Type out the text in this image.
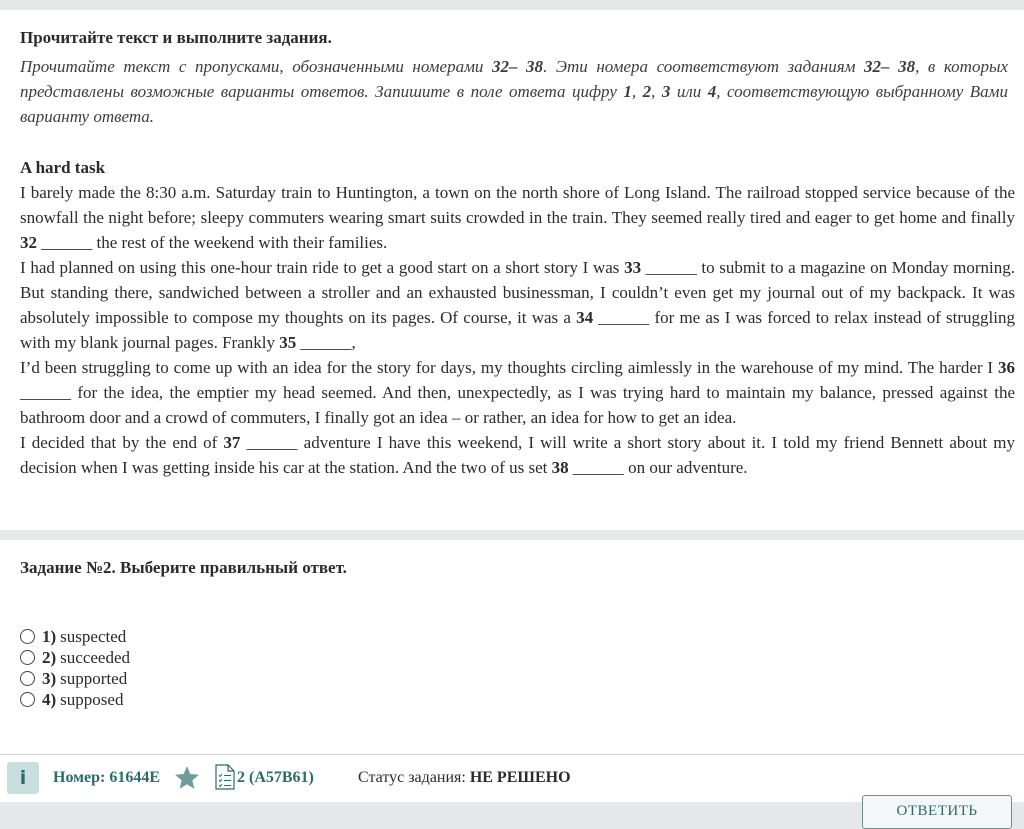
Прочитайте текст и выполните задания.
Прочитайте текст с пропусками, обозначенными номерами 32– 38. Эти номера соответствуют заданиям 32– 38, в которых представлены возможные варианты ответов. Запишите в поле ответа цифру 1, 2, 3 или 4, соответствующую выбранному Вами варианту ответа.
A hard task

I barely made the 8:30 a.m. Saturday train to Huntington, a town on the north shore of Long Island. The railroad stopped service because of the snowfall the night before; sleepy commuters wearing smart suits crowded in the train. They seemed really tired and eager to get home and finally 32 ______ the rest of the weekend with their families.

I had planned on using this one-hour train ride to get a good start on a short story I was 33 ______ to submit to a magazine on Monday morning. But standing there, sandwiched between a stroller and an exhausted businessman, I couldn’t even get my journal out of my backpack. It was absolutely impossible to compose my thoughts on its pages. Of course, it was a 34 ______ for me as I was forced to relax instead of struggling with my blank journal pages. Frankly 35 ______,

I’d been struggling to come up with an idea for the story for days, my thoughts circling aimlessly in the warehouse of my mind. The harder I 36 ______ for the idea, the emptier my head seemed. And then, unexpectedly, as I was trying hard to maintain my balance, pressed against the bathroom door and a crowd of commuters, I finally got an idea – or rather, an idea for how to get an idea.

I decided that by the end of 37 ______ adventure I have this weekend, I will write a short story about it. I told my friend Bennett about my decision when I was getting inside his car at the station. And the two of us set 38 ______ on our adventure.

Задание №2. Выберите правильный ответ.
1) suspected
2) succeeded
3) supported
4) supposed
i	Номер: 61644E	2 (A57B61)	Статус задания: НЕ РЕШЕНО
ОТВЕТИТЬ
